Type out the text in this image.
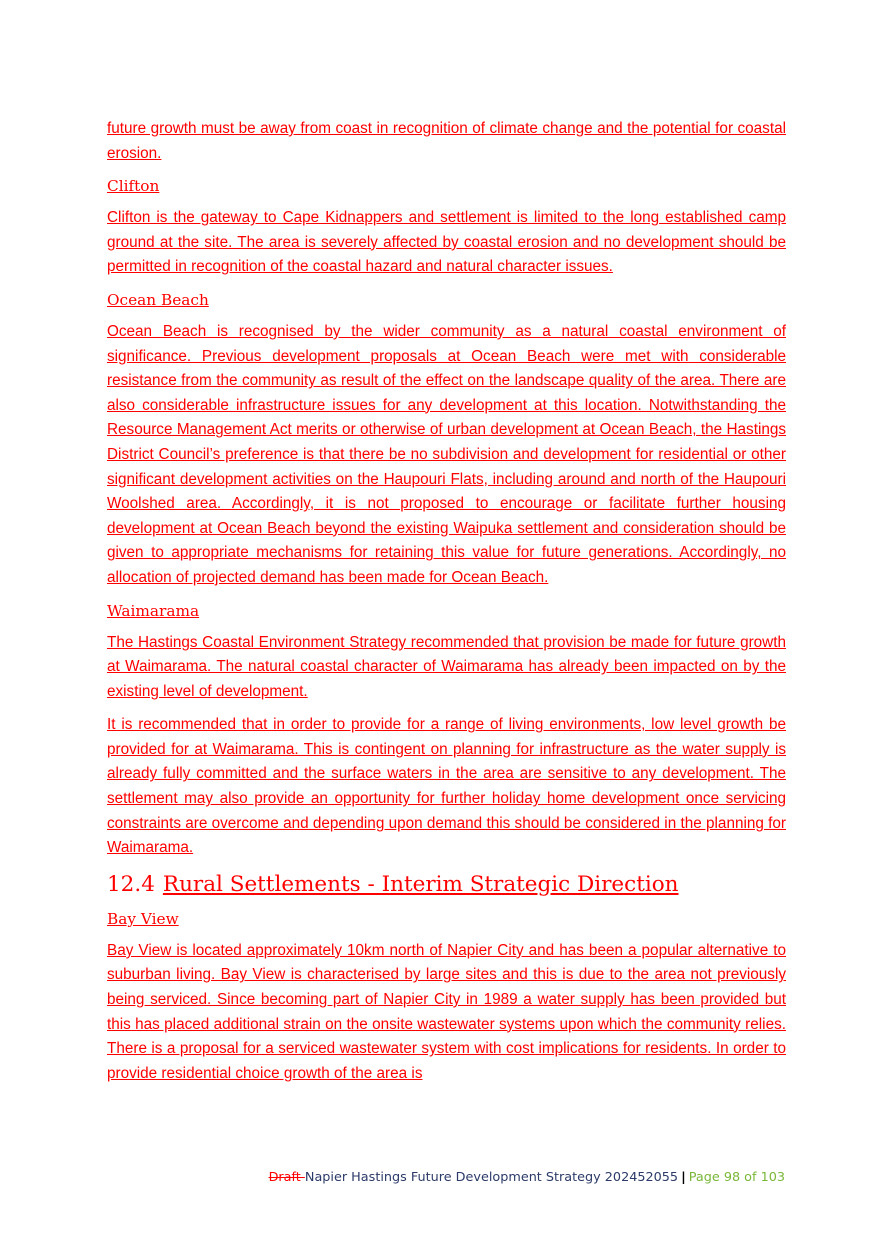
future growth must be away from coast in recognition of climate change and the potential for coastal erosion.

Clifton

Clifton is the gateway to Cape Kidnappers and settlement is limited to the long established camp ground at the site. The area is severely affected by coastal erosion and no development should be permitted in recognition of the coastal hazard and natural character issues.

Ocean Beach

Ocean Beach is recognised by the wider community as a natural coastal environment of significance. Previous development proposals at Ocean Beach were met with considerable resistance from the community as result of the effect on the landscape quality of the area. There are also considerable infrastructure issues for any development at this location. Notwithstanding the Resource Management Act merits or otherwise of urban development at Ocean Beach, the Hastings District Council’s preference is that there be no subdivision and development for residential or other significant development activities on the Haupouri Flats, including around and north of the Haupouri Woolshed area. Accordingly, it is not proposed to encourage or facilitate further housing development at Ocean Beach beyond the existing Waipuka settlement and consideration should be given to appropriate mechanisms for retaining this value for future generations. Accordingly, no allocation of projected demand has been made for Ocean Beach.

Waimarama

The Hastings Coastal Environment Strategy recommended that provision be made for future growth at Waimarama. The natural coastal character of Waimarama has already been impacted on by the existing level of development.

It is recommended that in order to provide for a range of living environments, low level growth be provided for at Waimarama. This is contingent on planning for infrastructure as the water supply is already fully committed and the surface waters in the area are sensitive to any development. The settlement may also provide an opportunity for further holiday home development once servicing constraints are overcome and depending upon demand this should be considered in the planning for Waimarama.

12.4 Rural Settlements - Interim Strategic Direction
Bay View

Bay View is located approximately 10km north of Napier City and has been a popular alternative to suburban living. Bay View is characterised by large sites and this is due to the area not previously being serviced. Since becoming part of Napier City in 1989 a water supply has been provided but this has placed additional strain on the onsite wastewater systems upon which the community relies. There is a proposal for a serviced wastewater system with cost implications for residents. In order to provide residential choice growth of the area is

Draft Napier Hastings Future Development Strategy 202452055 | Page 98 of 103
